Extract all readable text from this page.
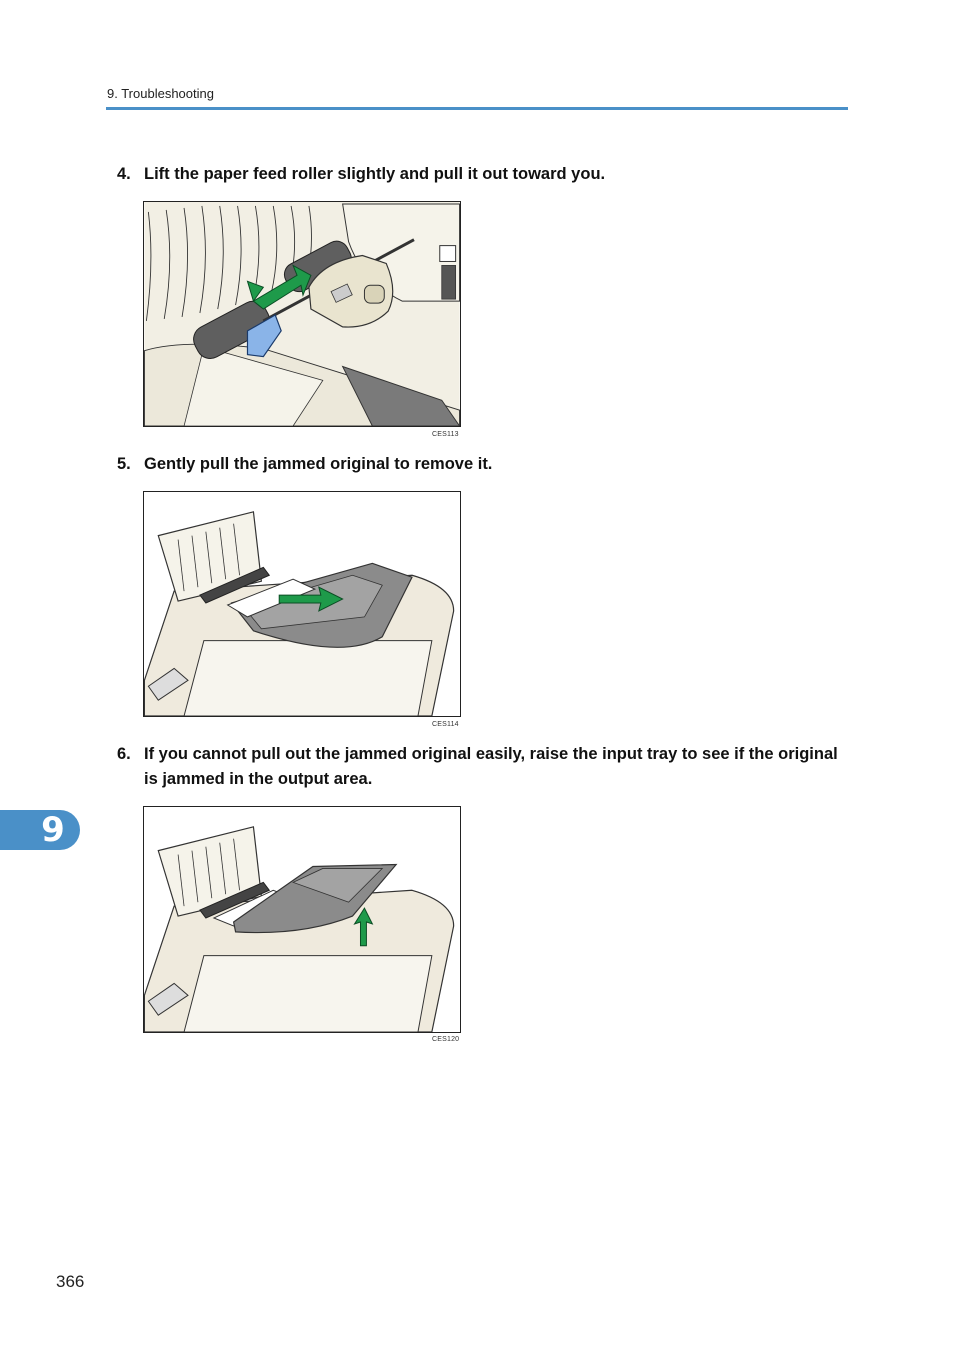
9. Troubleshooting
4. Lift the paper feed roller slightly and pull it out toward you.
CES113
5. Gently pull the jammed original to remove it.
CES114
6. If you cannot pull out the jammed original easily, raise the input tray to see if the original
is jammed in the output area.
CES120
9
366
